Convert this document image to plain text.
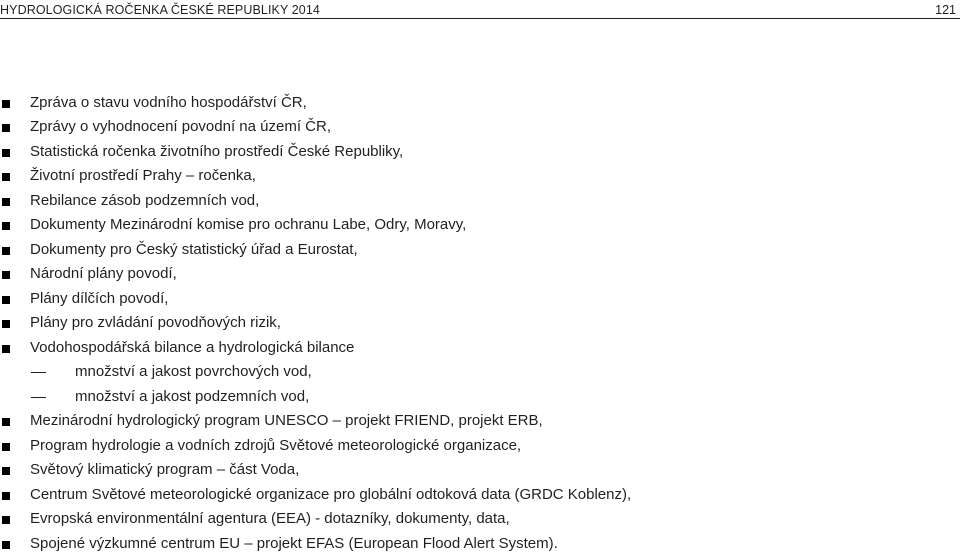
HYDROLOGICKÁ ROČENKA ČESKÉ REPUBLIKY 2014	121
Zpráva o stavu vodního hospodářství ČR,
Zprávy o vyhodnocení povodní na území ČR,
Statistická ročenka životního prostředí České Republiky,
Životní prostředí Prahy – ročenka,
Rebilance zásob podzemních vod,
Dokumenty Mezinárodní komise pro ochranu Labe, Odry, Moravy,
Dokumenty pro Český statistický úřad a Eurostat,
Národní plány povodí,
Plány dílčích povodí,
Plány pro zvládání povodňových rizik,
Vodohospodářská bilance a hydrologická bilance
množství a jakost povrchových vod,
množství a jakost podzemních vod,
Mezinárodní hydrologický program UNESCO – projekt FRIEND, projekt ERB,
Program hydrologie a vodních zdrojů Světové meteorologické organizace,
Světový klimatický program – část Voda,
Centrum Světové meteorologické organizace pro globální odtoková data (GRDC Koblenz),
Evropská environmentální agentura (EEA) - dotazníky, dokumenty, data,
Spojené výzkumné centrum EU – projekt EFAS (European Flood Alert System).
